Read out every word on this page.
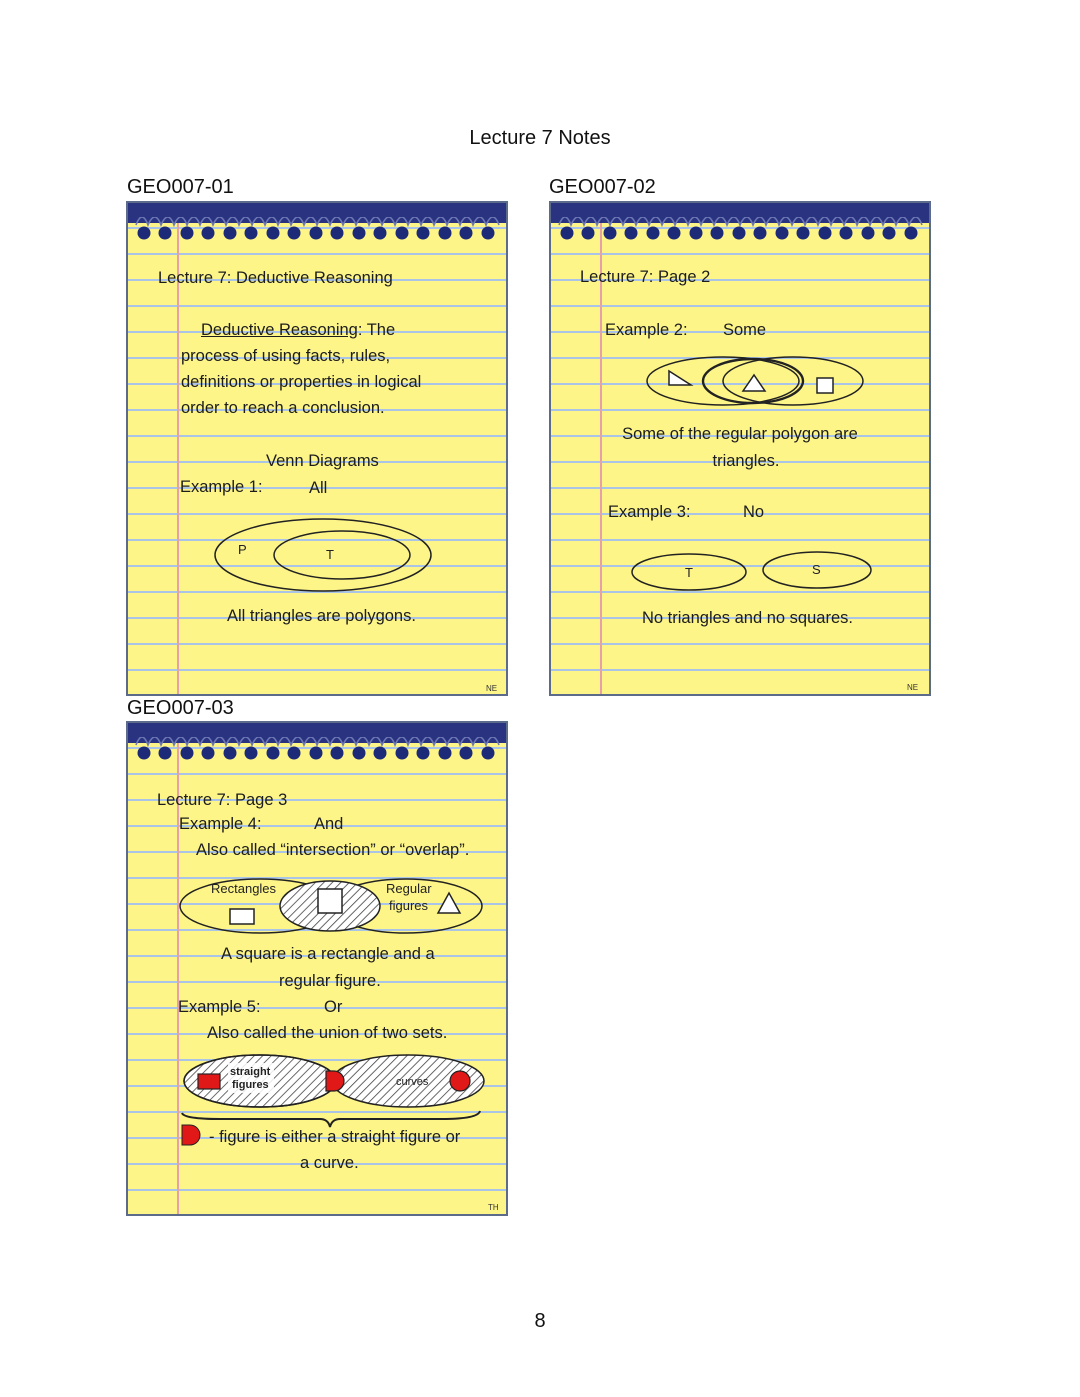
Lecture 7 Notes
GEO007-01
Lecture 7: Deductive Reasoning
Deductive Reasoning: The
process of using facts, rules,
definitions or properties in logical
order to reach a conclusion.
Venn Diagrams
Example 1:	All
P	T
All triangles are polygons.
NE
GEO007-02
Lecture 7: Page 2
Example 2: Some
Some of the regular polygon are
triangles.
Example 3:	No
T	S
No triangles and no squares.
NE
GEO007-03
Lecture 7: Page 3
Example 4:	And
Also called “intersection” or “overlap”.
Rectangles	Regular
figures
A square is a rectangle and a
regular figure.
Example 5:	Or
Also called the union of two sets.
straight
figures	curves
- figure is either a straight figure or
a curve.
TH
8
